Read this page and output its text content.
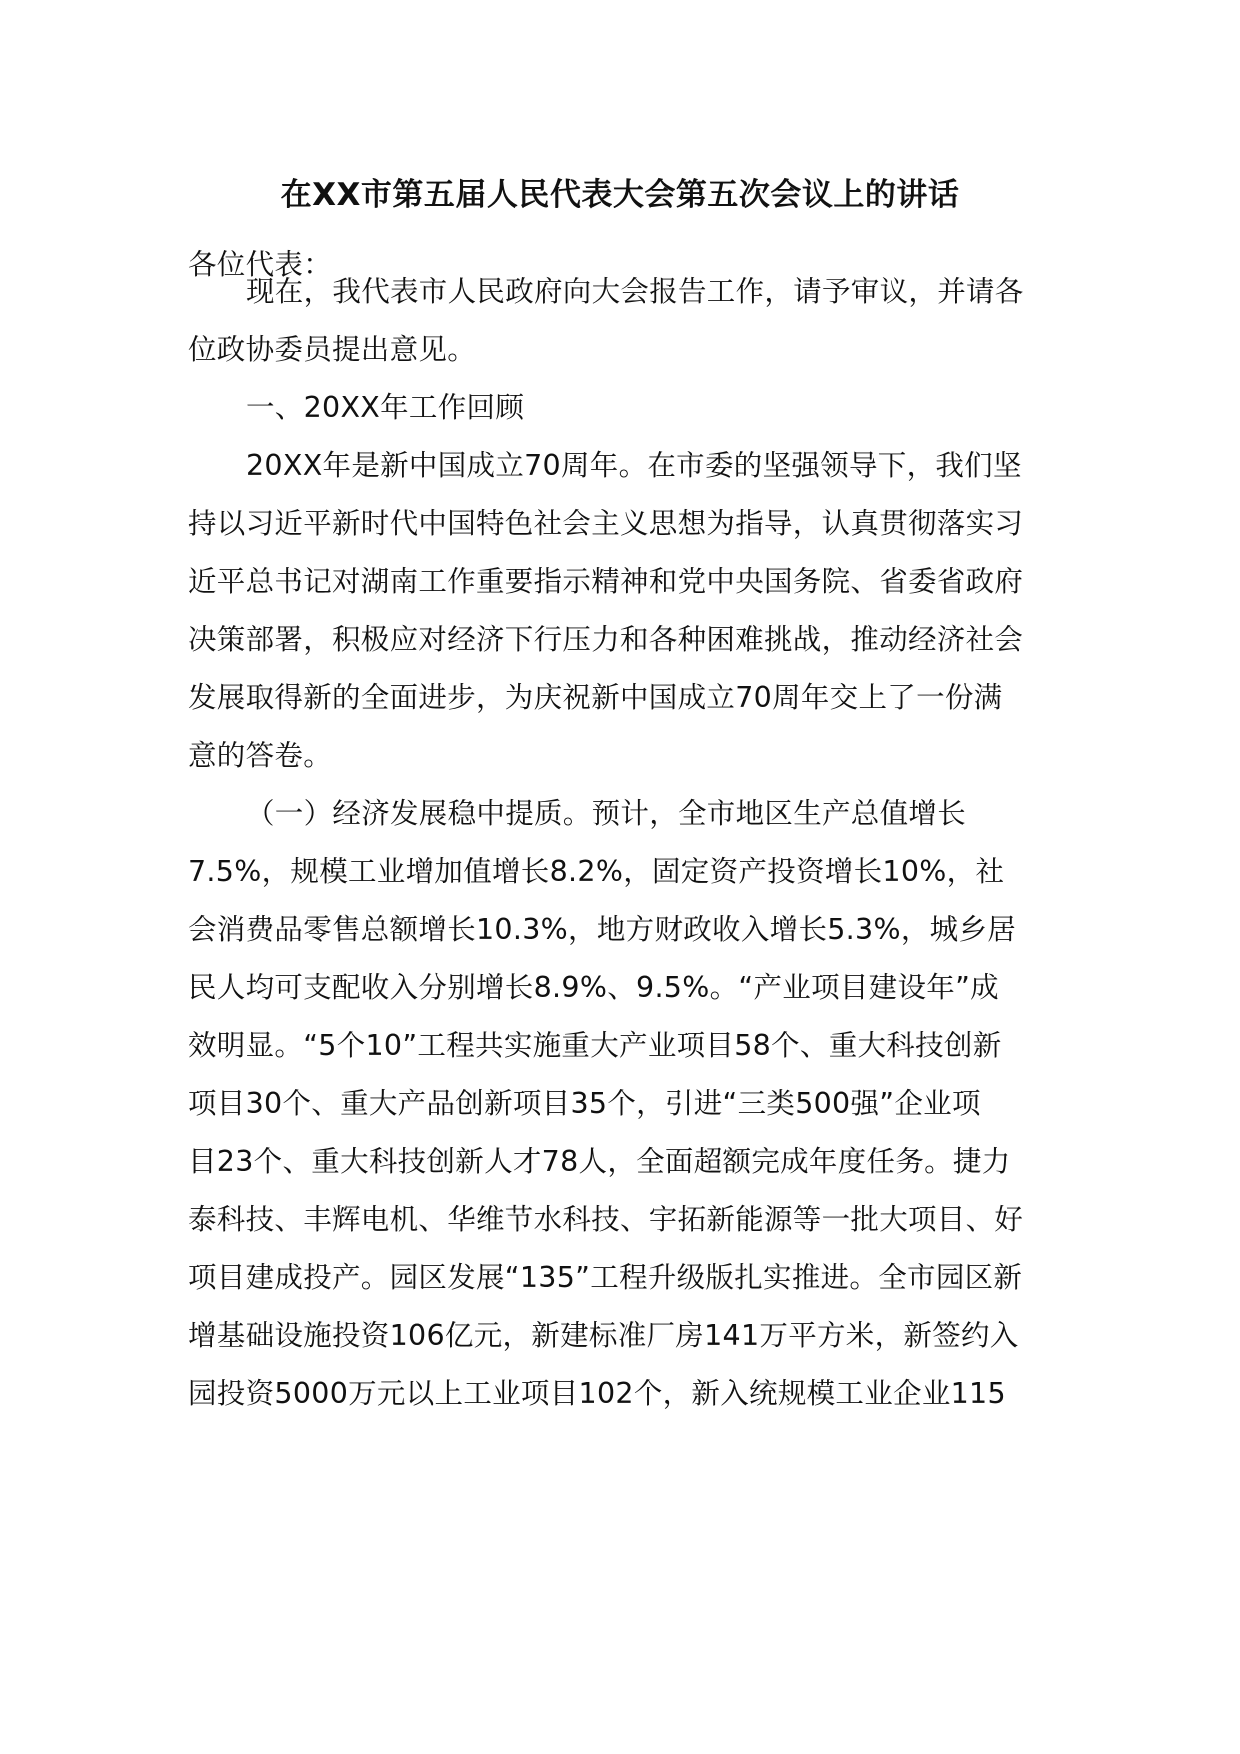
在XX市第五届人民代表大会第五次会议上的讲话
各位代表：
现在，我代表市人民政府向大会报告工作，请予审议，并请各
位政协委员提出意见。
一、20XX年工作回顾
20XX年是新中国成立70周年。在市委的坚强领导下，我们坚
持以习近平新时代中国特色社会主义思想为指导，认真贯彻落实习
近平总书记对湖南工作重要指示精神和党中央国务院、省委省政府
决策部署，积极应对经济下行压力和各种困难挑战，推动经济社会
发展取得新的全面进步，为庆祝新中国成立70周年交上了一份满
意的答卷。
（一）经济发展稳中提质。预计，全市地区生产总值增长
7.5%，规模工业增加值增长8.2%，固定资产投资增长10%，社
会消费品零售总额增长10.3%，地方财政收入增长5.3%，城乡居
民人均可支配收入分别增长8.9%、9.5%。“产业项目建设年”成
效明显。“5个10”工程共实施重大产业项目58个、重大科技创新
项目30个、重大产品创新项目35个，引进“三类500强”企业项
目23个、重大科技创新人才78人，全面超额完成年度任务。捷力
泰科技、丰辉电机、华维节水科技、宇拓新能源等一批大项目、好
项目建成投产。园区发展“135”工程升级版扎实推进。全市园区新
增基础设施投资106亿元，新建标准厂房141万平方米，新签约入
园投资5000万元以上工业项目102个，新入统规模工业企业115
